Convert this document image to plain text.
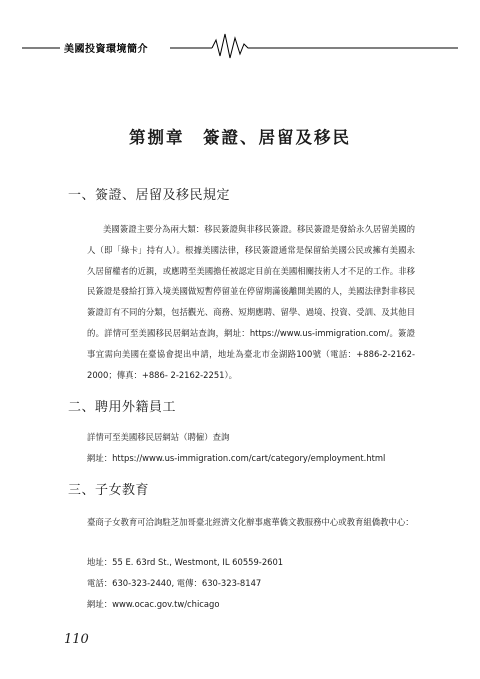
美國投資環境簡介
第捌章　簽證、居留及移民
一、簽證、居留及移民規定
美國簽證主要分為兩大類：移民簽證與非移民簽證。移民簽證是發給永久居留美國的人（即「綠卡」持有人）。根據美國法律，移民簽證通常是保留給美國公民或擁有美國永久居留權者的近親，或應聘至美國擔任被認定目前在美國相關技術人才不足的工作。非移民簽證是發給打算入境美國做短暫停留並在停留期滿後離開美國的人，美國法律對非移民簽證訂有不同的分類，包括觀光、商務、短期應聘、留學、過境、投資、受訓、及其他目的。詳情可至美國移民居網站查詢，網址：https://www.us-immigration.com/。簽證事宜需向美國在臺協會提出申請，地址為臺北市金湖路100號（電話：+886-2-2162-2000；傳真：+886- 2-2162-2251）。
二、聘用外籍員工
詳情可至美國移民居網站（聘僱）查詢
網址：https://www.us-immigration.com/cart/category/employment.html
三、子女教育
臺商子女教育可洽詢駐芝加哥臺北經濟文化辦事處華僑文教服務中心或教育組僑教中心：
地址：55 E. 63rd St., Westmont, IL 60559-2601
電話：630-323-2440, 電傳：630-323-8147
網址：www.ocac.gov.tw/chicago
110
